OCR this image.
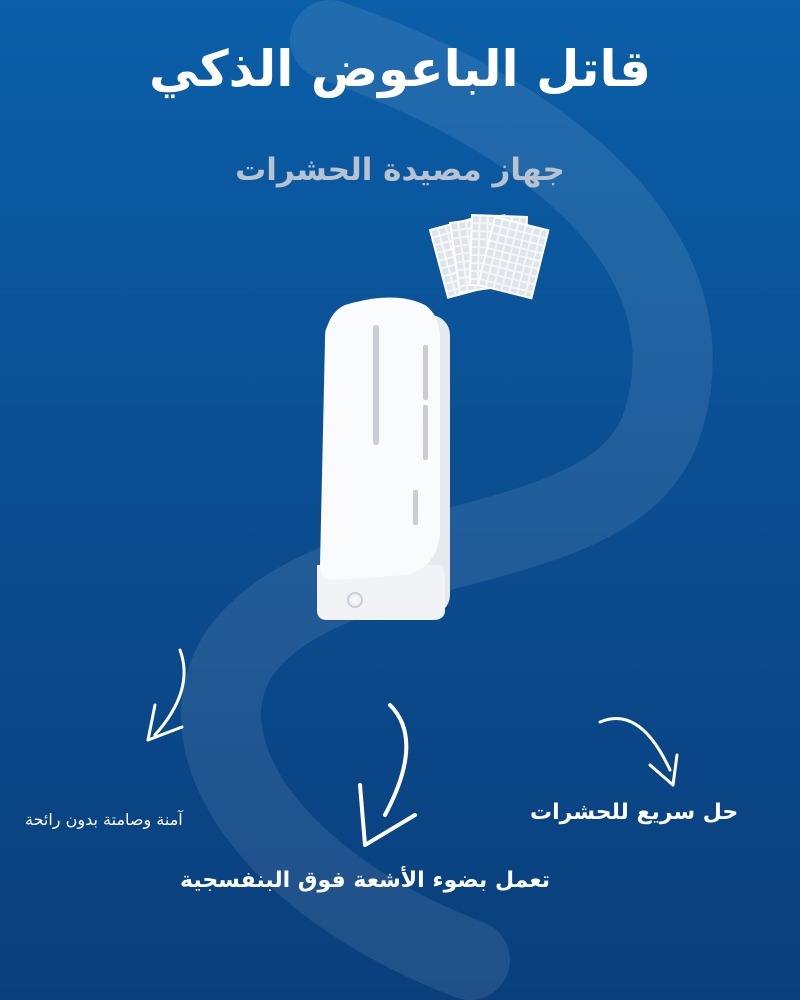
قاتل الباعوض الذكي
جهاز مصيدة الحشرات
حل سريع للحشرات
آمنة وصامتة بدون رائحة
تعمل بضوء الأشعة فوق البنفسجية
